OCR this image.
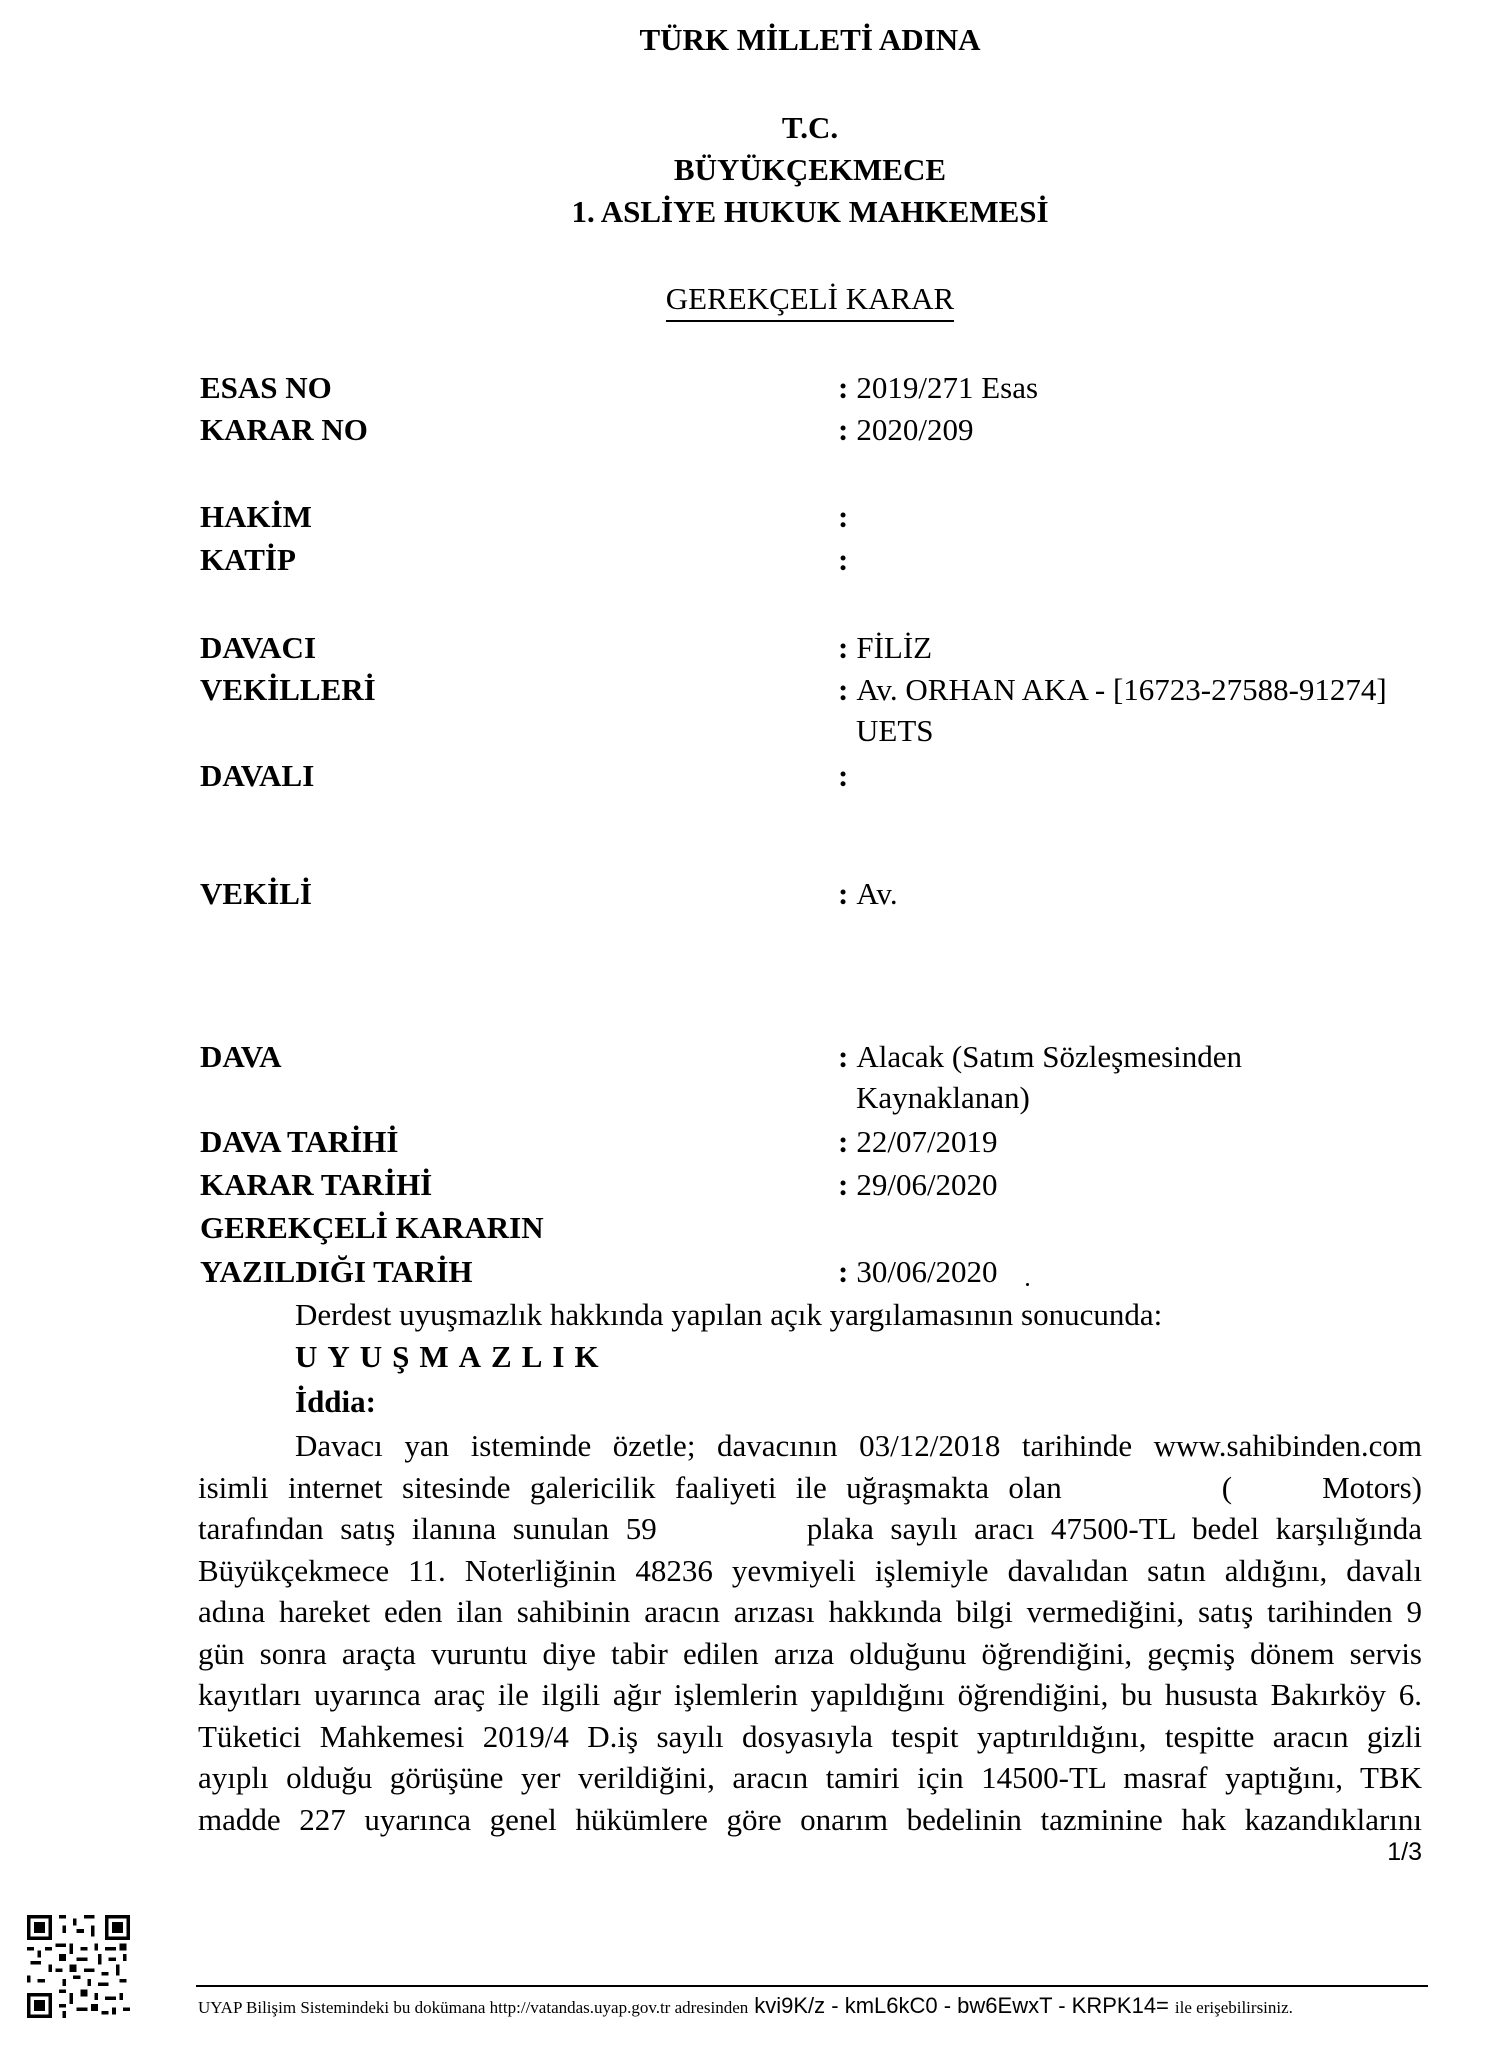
TÜRK MİLLETİ ADINA
T.C.
BÜYÜKÇEKMECE
1. ASLİYE HUKUK MAHKEMESİ
GEREKÇELİ KARAR
ESAS NO	: 2019/271 Esas
KARAR NO	: 2020/209
HAKİM	:
KATİP	:
DAVACI	: FİLİZ
VEKİLLERİ	: Av. ORHAN AKA - [16723-27588-91274]
UETS
DAVALI	:
VEKİLİ	: Av.
DAVA	: Alacak (Satım Sözleşmesinden
Kaynaklanan)
DAVA TARİHİ	: 22/07/2019
KARAR TARİHİ	: 29/06/2020
GEREKÇELİ KARARIN
YAZILDIĞI TARİH	: 30/06/2020
Derdest uyuşmazlık hakkında yapılan açık yargılamasının sonucunda:
UYUŞMAZLIK
İddia:
Davacı yan isteminde özetle; davacının 03/12/2018 tarihinde www.sahibinden.com
isimli internet sitesinde galericilik faaliyeti ile uğraşmakta olan	(	Motors)
tarafından satış ilanına sunulan 59	plaka sayılı aracı 47500-TL bedel karşılığında
Büyükçekmece 11. Noterliğinin 48236 yevmiyeli işlemiyle davalıdan satın aldığını, davalı
adına hareket eden ilan sahibinin aracın arızası hakkında bilgi vermediğini, satış tarihinden 9
gün sonra araçta vuruntu diye tabir edilen arıza olduğunu öğrendiğini, geçmiş dönem servis
kayıtları uyarınca araç ile ilgili ağır işlemlerin yapıldığını öğrendiğini, bu hususta Bakırköy 6.
Tüketici Mahkemesi 2019/4 D.iş sayılı dosyasıyla tespit yaptırıldığını, tespitte aracın gizli
ayıplı olduğu görüşüne yer verildiğini, aracın tamiri için 14500-TL masraf yaptığını, TBK
madde 227 uyarınca genel hükümlere göre onarım bedelinin tazminine hak kazandıklarını
1/3
UYAP Bilişim Sistemindeki bu dokümana http://vatandas.uyap.gov.tr adresinden kvi9K/z - kmL6kC0 - bw6EwxT - KRPK14= ile erişebilirsiniz.
